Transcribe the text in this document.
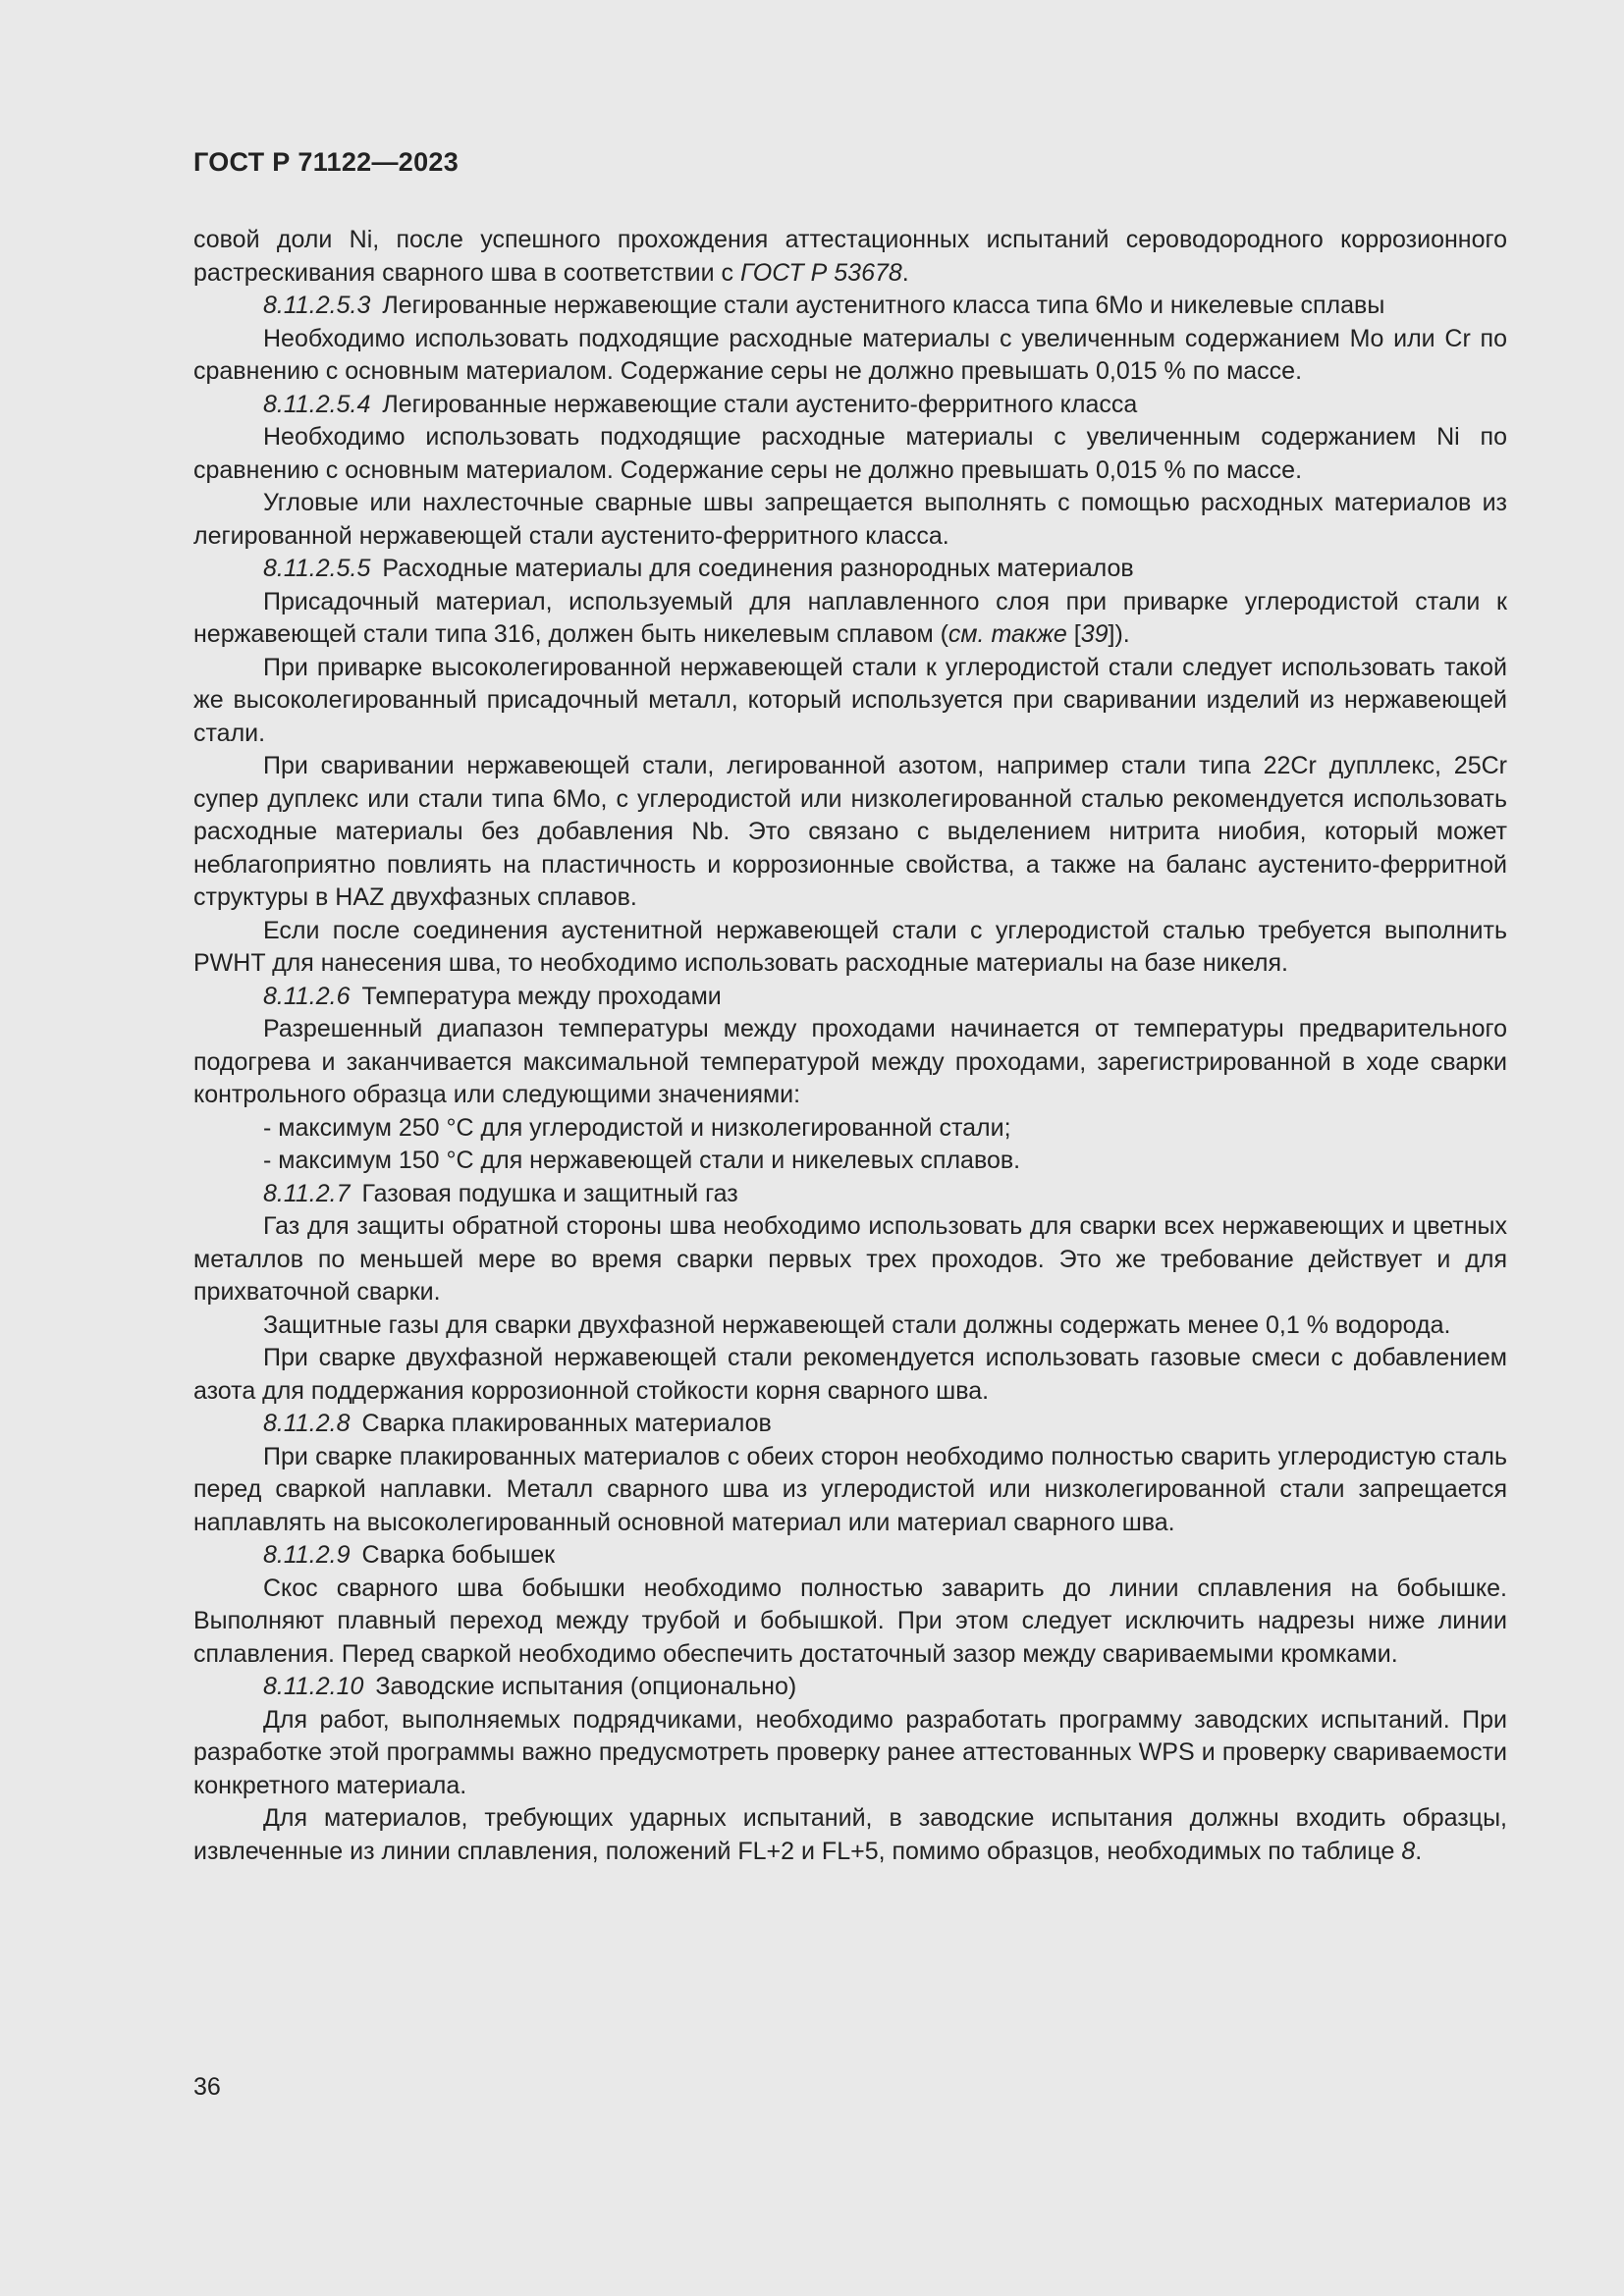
ГОСТ Р 71122—2023

совой доли Ni, после успешного прохождения аттестационных испытаний сероводородного коррозионного растрескивания сварного шва в соответствии с ГОСТ Р 53678.

8.11.2.5.3 Легированные нержавеющие стали аустенитного класса типа 6Mo и никелевые сплавы

Необходимо использовать подходящие расходные материалы с увеличенным содержанием Mo или Cr по сравнению с основным материалом. Содержание серы не должно превышать 0,015 % по массе.

8.11.2.5.4 Легированные нержавеющие стали аустенито-ферритного класса

Необходимо использовать подходящие расходные материалы с увеличенным содержанием Ni по сравнению с основным материалом. Содержание серы не должно превышать 0,015 % по массе.

Угловые или нахлесточные сварные швы запрещается выполнять с помощью расходных материалов из легированной нержавеющей стали аустенито-ферритного класса.

8.11.2.5.5 Расходные материалы для соединения разнородных материалов

Присадочный материал, используемый для наплавленного слоя при приварке углеродистой стали к нержавеющей стали типа 316, должен быть никелевым сплавом (см. также [39]).

При приварке высоколегированной нержавеющей стали к углеродистой стали следует использовать такой же высоколегированный присадочный металл, который используется при сваривании изделий из нержавеющей стали.

При сваривании нержавеющей стали, легированной азотом, например стали типа 22Cr дупллекс, 25Cr супер дуплекс или стали типа 6Mo, с углеродистой или низколегированной сталью рекомендуется использовать расходные материалы без добавления Nb. Это связано с выделением нитрита ниобия, который может неблагоприятно повлиять на пластичность и коррозионные свойства, а также на баланс аустенито-ферритной структуры в HAZ двухфазных сплавов.

Если после соединения аустенитной нержавеющей стали с углеродистой сталью требуется выполнить PWHT для нанесения шва, то необходимо использовать расходные материалы на базе никеля.

8.11.2.6 Температура между проходами

Разрешенный диапазон температуры между проходами начинается от температуры предварительного подогрева и заканчивается максимальной температурой между проходами, зарегистрированной в ходе сварки контрольного образца или следующими значениями:

- максимум 250 °C для углеродистой и низколегированной стали;

- максимум 150 °C для нержавеющей стали и никелевых сплавов.

8.11.2.7 Газовая подушка и защитный газ

Газ для защиты обратной стороны шва необходимо использовать для сварки всех нержавеющих и цветных металлов по меньшей мере во время сварки первых трех проходов. Это же требование действует и для прихваточной сварки.

Защитные газы для сварки двухфазной нержавеющей стали должны содержать менее 0,1 % водорода.

При сварке двухфазной нержавеющей стали рекомендуется использовать газовые смеси с добавлением азота для поддержания коррозионной стойкости корня сварного шва.

8.11.2.8 Сварка плакированных материалов

При сварке плакированных материалов с обеих сторон необходимо полностью сварить углеродистую сталь перед сваркой наплавки. Металл сварного шва из углеродистой или низколегированной стали запрещается наплавлять на высоколегированный основной материал или материал сварного шва.

8.11.2.9 Сварка бобышек

Скос сварного шва бобышки необходимо полностью заварить до линии сплавления на бобышке. Выполняют плавный переход между трубой и бобышкой. При этом следует исключить надрезы ниже линии сплавления. Перед сваркой необходимо обеспечить достаточный зазор между свариваемыми кромками.

8.11.2.10 Заводские испытания (опционально)

Для работ, выполняемых подрядчиками, необходимо разработать программу заводских испытаний. При разработке этой программы важно предусмотреть проверку ранее аттестованных WPS и проверку свариваемости конкретного материала.

Для материалов, требующих ударных испытаний, в заводские испытания должны входить образцы, извлеченные из линии сплавления, положений FL+2 и FL+5, помимо образцов, необходимых по таблице 8.

36
